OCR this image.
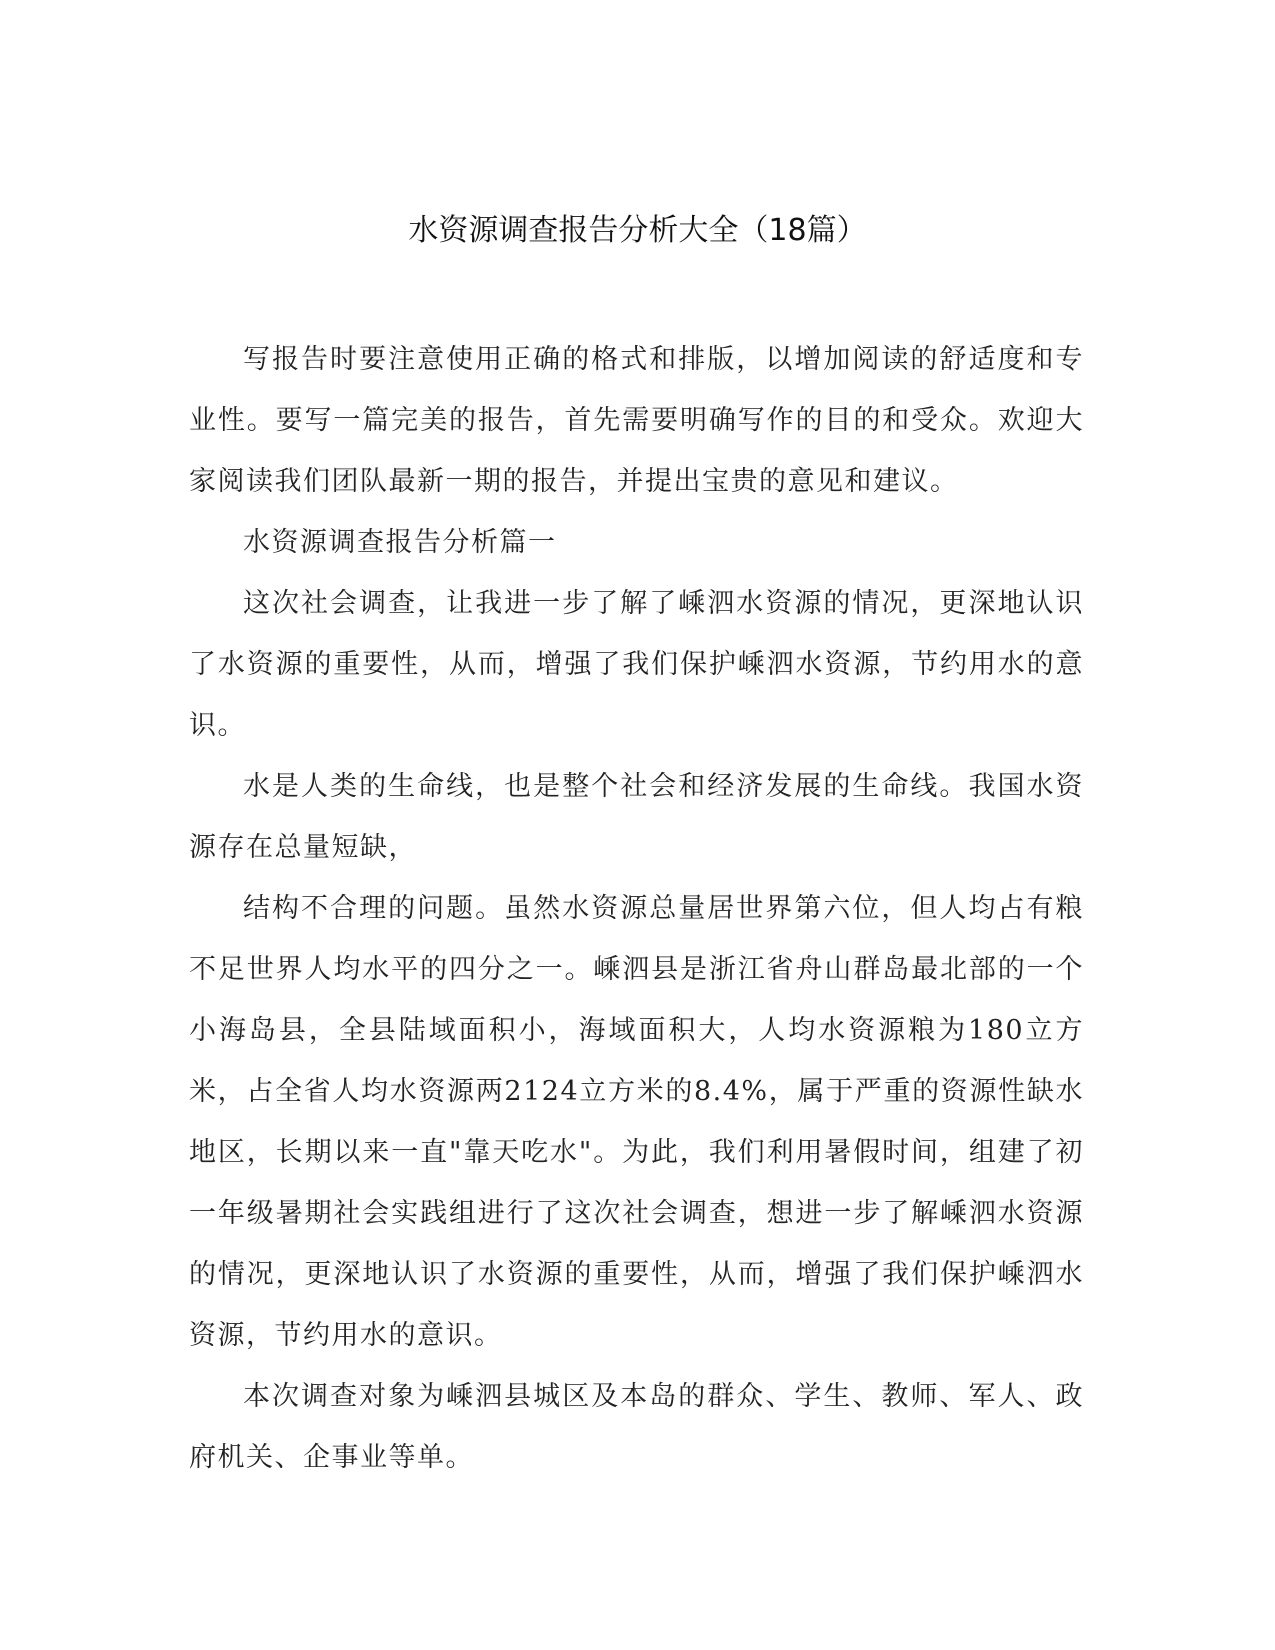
水资源调查报告分析大全（18篇）

写报告时要注意使用正确的格式和排版，以增加阅读的舒适度和专业性。要写一篇完美的报告，首先需要明确写作的目的和受众。欢迎大家阅读我们团队最新一期的报告，并提出宝贵的意见和建议。

水资源调查报告分析篇一

这次社会调查，让我进一步了解了嵊泗水资源的情况，更深地认识了水资源的重要性，从而，增强了我们保护嵊泗水资源，节约用水的意识。

水是人类的生命线，也是整个社会和经济发展的生命线。我国水资源存在总量短缺，

结构不合理的问题。虽然水资源总量居世界第六位，但人均占有粮不足世界人均水平的四分之一。嵊泗县是浙江省舟山群岛最北部的一个小海岛县，全县陆域面积小，海域面积大，人均水资源粮为180立方米，占全省人均水资源两2124立方米的8.4%，属于严重的资源性缺水地区，长期以来一直"靠天吃水"。为此，我们利用暑假时间，组建了初一年级暑期社会实践组进行了这次社会调查，想进一步了解嵊泗水资源的情况，更深地认识了水资源的重要性，从而，增强了我们保护嵊泗水资源，节约用水的意识。

本次调查对象为嵊泗县城区及本岛的群众、学生、教师、军人、政府机关、企事业等单。
